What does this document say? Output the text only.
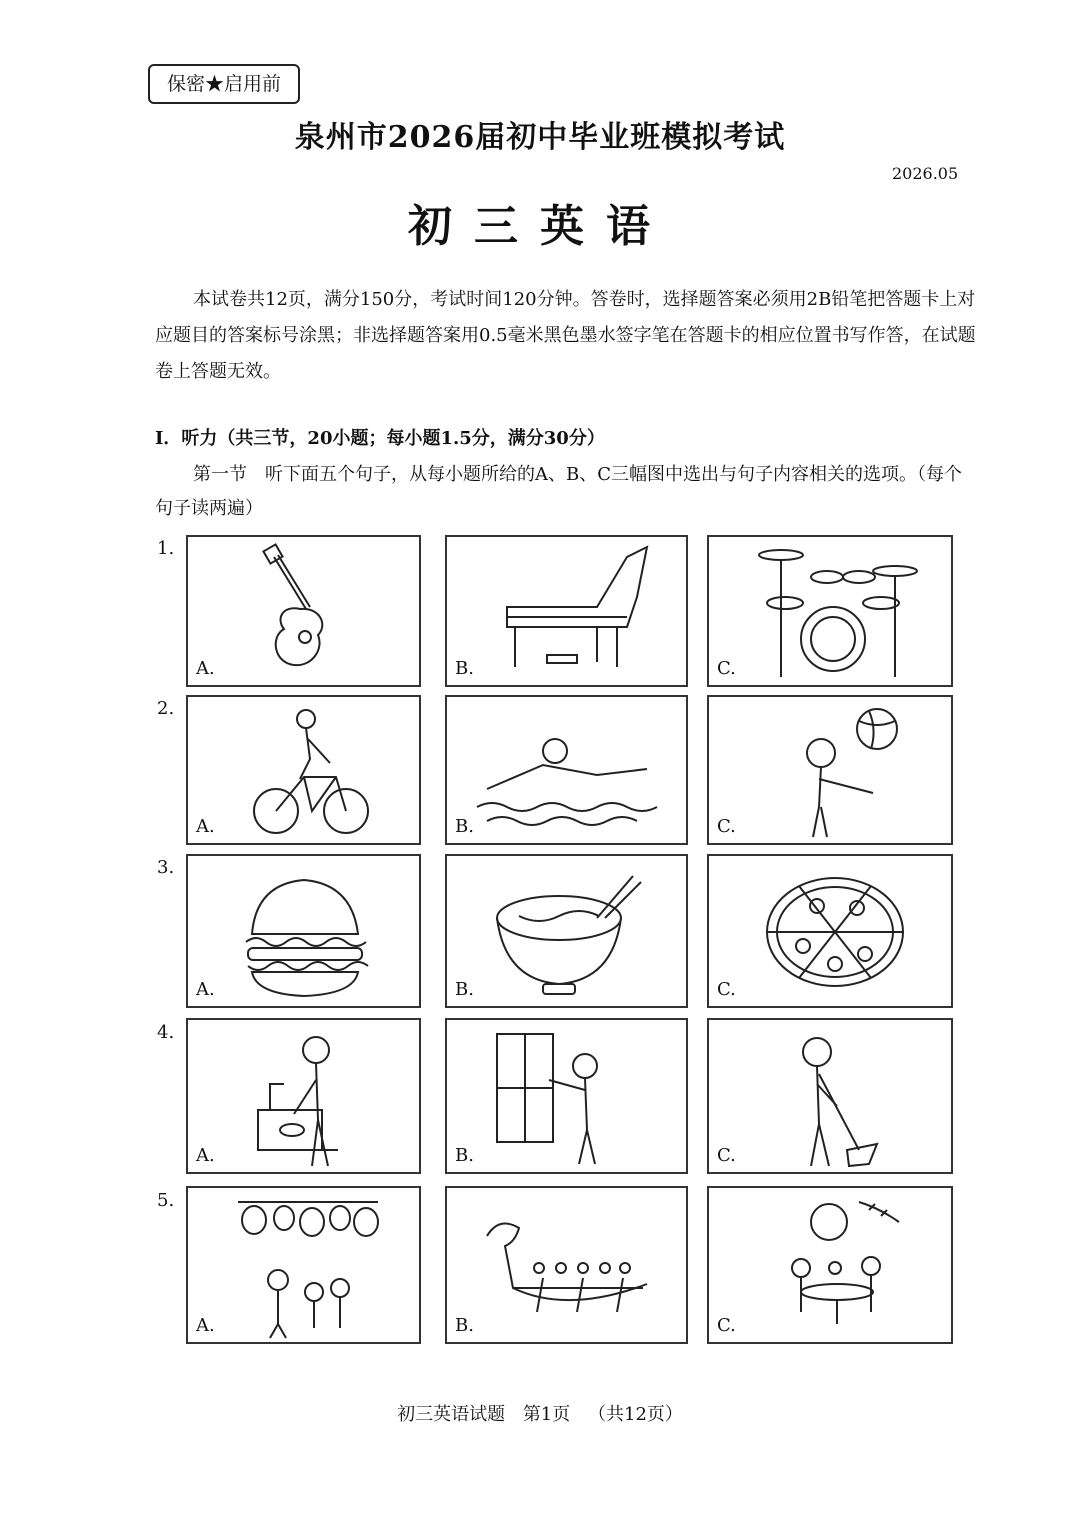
保密★启用前
泉州市2026届初中毕业班模拟考试
2026.05
初三英语
本试卷共12页，满分150分，考试时间120分钟。答卷时，选择题答案必须用2B铅笔把答题卡上对应题目的答案标号涂黑；非选择题答案用0.5毫米黑色墨水签字笔在答题卡的相应位置书写作答，在试题卷上答题无效。
I．听力（共三节，20小题；每小题1.5分，满分30分）
第一节　听下面五个句子，从每小题所给的A、B、C三幅图中选出与句子内容相关的选项。（每个句子读两遍）
1.
A.	B.	C.
2.
A.	B.	C.
3.
A.	B.	C.
4.
A.	B.	C.
5.
A.	B.	C.
初三英语试题 第1页 （共12页）
